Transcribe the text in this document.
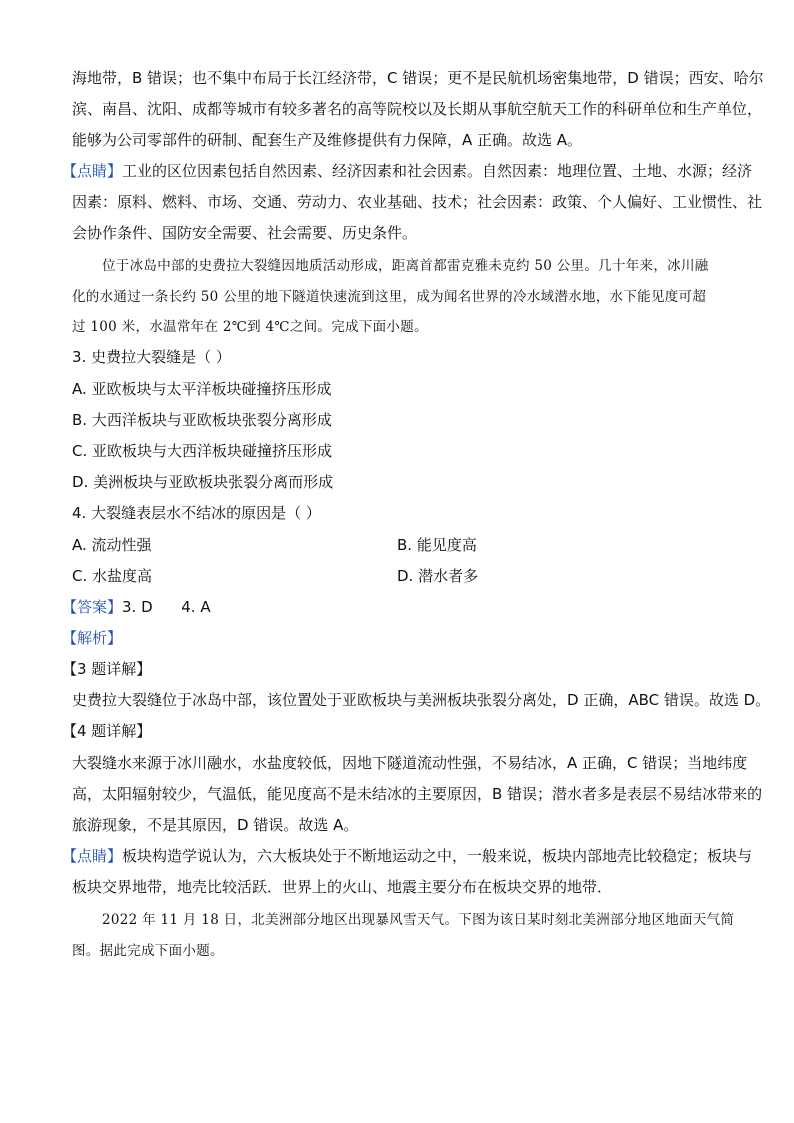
海地带，B 错误；也不集中布局于长江经济带，C 错误；更不是民航机场密集地带，D 错误；西安、哈尔
滨、南昌、沈阳、成都等城市有较多著名的高等院校以及长期从事航空航天工作的科研单位和生产单位，
能够为公司零部件的研制、配套生产及维修提供有力保障，A 正确。故选 A。
【点睛】工业的区位因素包括自然因素、经济因素和社会因素。自然因素：地理位置、土地、水源；经济
因素：原料、燃料、市场、交通、劳动力、农业基础、技术；社会因素：政策、个人偏好、工业惯性、社
会协作条件、国防安全需要、社会需要、历史条件。
位于冰岛中部的史费拉大裂缝因地质活动形成，距离首都雷克雅未克约 50 公里。几十年来，冰川融
化的水通过一条长约 50 公里的地下隧道快速流到这里，成为闻名世界的冷水域潜水地，水下能见度可超
过 100 米，水温常年在 2℃到 4℃之间。完成下面小题。
3. 史费拉大裂缝是（ ）
A. 亚欧板块与太平洋板块碰撞挤压形成
B. 大西洋板块与亚欧板块张裂分离形成
C. 亚欧板块与大西洋板块碰撞挤压形成
D. 美洲板块与亚欧板块张裂分离而形成
4. 大裂缝表层水不结冰的原因是（ ）
A. 流动性强	B. 能见度高
C. 水盐度高	D. 潜水者多
【答案】3. D      4. A
【解析】
【3 题详解】
史费拉大裂缝位于冰岛中部，该位置处于亚欧板块与美洲板块张裂分离处，D 正确，ABC 错误。故选 D。
【4 题详解】
大裂缝水来源于冰川融水，水盐度较低，因地下隧道流动性强，不易结冰，A 正确，C 错误；当地纬度
高，太阳辐射较少，气温低，能见度高不是未结冰的主要原因，B 错误；潜水者多是表层不易结冰带来的
旅游现象，不是其原因，D 错误。故选 A。
【点睛】板块构造学说认为，六大板块处于不断地运动之中，一般来说，板块内部地壳比较稳定；板块与
板块交界地带，地壳比较活跃．世界上的火山、地震主要分布在板块交界的地带．
2022 年 11 月 18 日，北美洲部分地区出现暴风雪天气。下图为该日某时刻北美洲部分地区地面天气简
图。据此完成下面小题。
